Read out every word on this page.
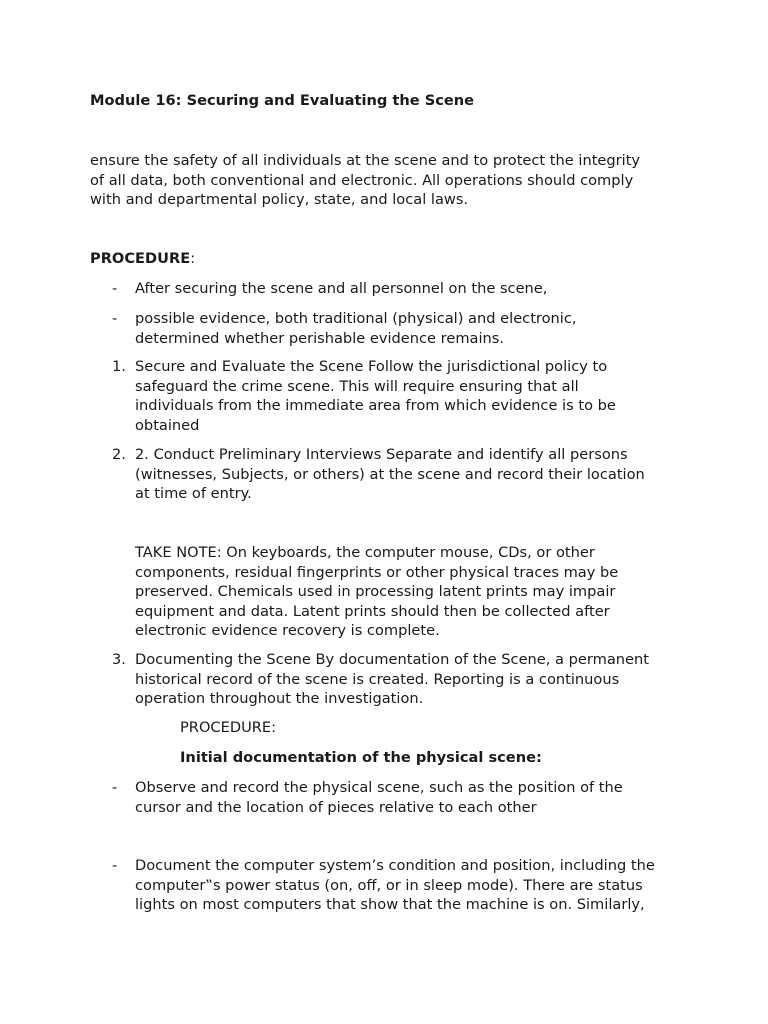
Module 16: Securing and Evaluating the Scene
ensure the safety of all individuals at the scene and to protect the integrity
of all data, both conventional and electronic. All operations should comply
with and departmental policy, state, and local laws.
PROCEDURE:
- After securing the scene and all personnel on the scene,
- possible evidence, both traditional (physical) and electronic,
determined whether perishable evidence remains.
1. Secure and Evaluate the Scene Follow the jurisdictional policy to
safeguard the crime scene. This will require ensuring that all
individuals from the immediate area from which evidence is to be
obtained
2. 2. Conduct Preliminary Interviews Separate and identify all persons
(witnesses, Subjects, or others) at the scene and record their location
at time of entry.
TAKE NOTE: On keyboards, the computer mouse, CDs, or other
components, residual fingerprints or other physical traces may be
preserved. Chemicals used in processing latent prints may impair
equipment and data. Latent prints should then be collected after
electronic evidence recovery is complete.
3. Documenting the Scene By documentation of the Scene, a permanent
historical record of the scene is created. Reporting is a continuous
operation throughout the investigation.
PROCEDURE:
Initial documentation of the physical scene:
- Observe and record the physical scene, such as the position of the
cursor and the location of pieces relative to each other
- Document the computer system’s condition and position, including the
computer‟s power status (on, off, or in sleep mode). There are status
lights on most computers that show that the machine is on. Similarly,
